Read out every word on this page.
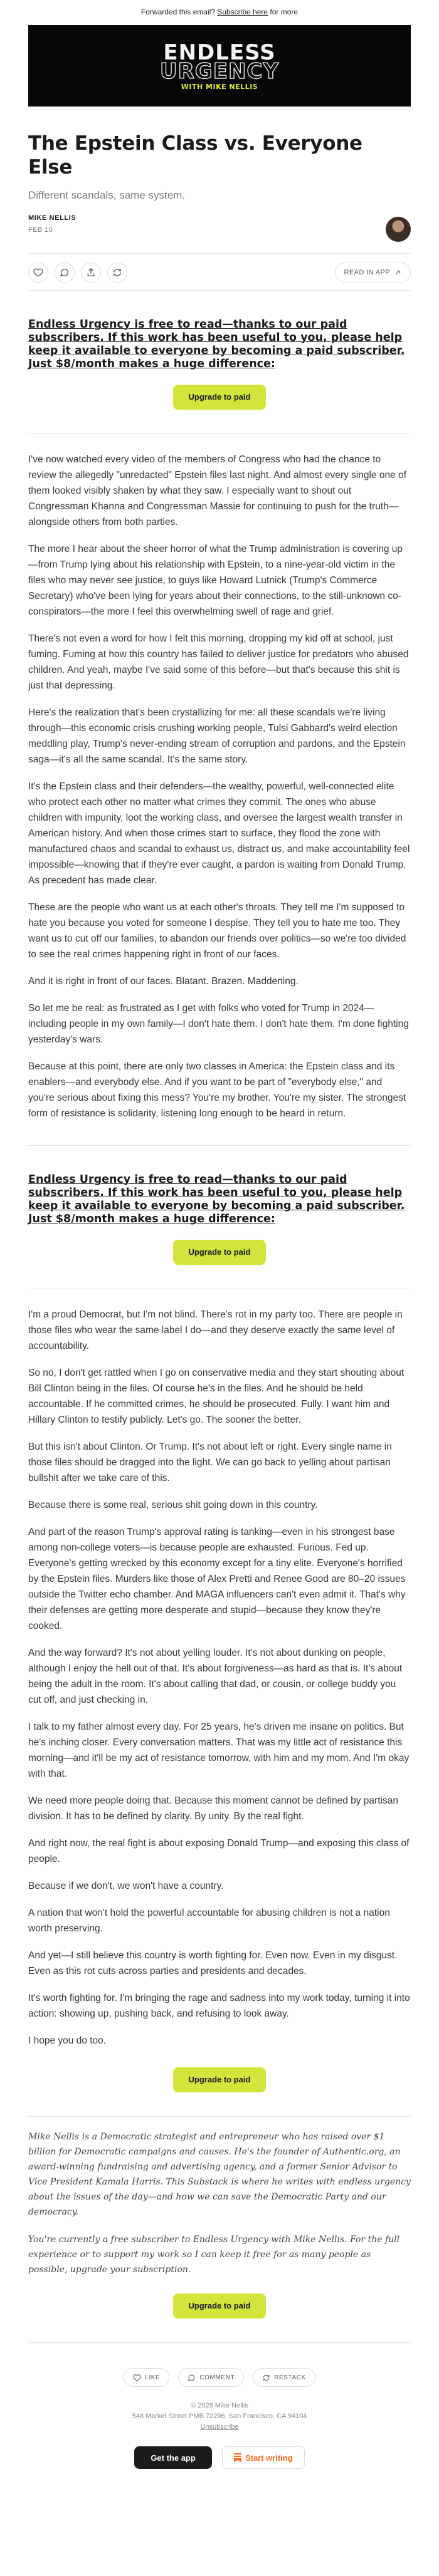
Forwarded this email? Subscribe here for more
ENDLESS
URGENCY
WITH MIKE NELLIS
The Epstein Class vs. Everyone Else
Different scandals, same system.
MIKE NELLIS
FEB 10
READ IN APP
Endless Urgency is free to read—thanks to our paid subscribers. If this work has been useful to you, please help keep it available to everyone by becoming a paid subscriber. Just $8/month makes a huge difference:
Upgrade to paid

I've now watched every video of the members of Congress who had the chance to review the allegedly "unredacted" Epstein files last night. And almost every single one of them looked visibly shaken by what they saw. I especially want to shout out Congressman Khanna and Congressman Massie for continuing to push for the truth—alongside others from both parties.

The more I hear about the sheer horror of what the Trump administration is covering up—from Trump lying about his relationship with Epstein, to a nine-year-old victim in the files who may never see justice, to guys like Howard Lutnick (Trump's Commerce Secretary) who've been lying for years about their connections, to the still-unknown co-conspirators—the more I feel this overwhelming swell of rage and grief.

There's not even a word for how I felt this morning, dropping my kid off at school, just fuming. Fuming at how this country has failed to deliver justice for predators who abused children. And yeah, maybe I've said some of this before—but that's because this shit is just that depressing.

Here's the realization that's been crystallizing for me: all these scandals we're living through—this economic crisis crushing working people, Tulsi Gabbard's weird election meddling play, Trump's never-ending stream of corruption and pardons, and the Epstein saga—it's all the same scandal. It's the same story.

It's the Epstein class and their defenders—the wealthy, powerful, well-connected elite who protect each other no matter what crimes they commit. The ones who abuse children with impunity, loot the working class, and oversee the largest wealth transfer in American history. And when those crimes start to surface, they flood the zone with manufactured chaos and scandal to exhaust us, distract us, and make accountability feel impossible—knowing that if they're ever caught, a pardon is waiting from Donald Trump. As precedent has made clear.

These are the people who want us at each other's throats. They tell me I'm supposed to hate you because you voted for someone I despise. They tell you to hate me too. They want us to cut off our families, to abandon our friends over politics—so we're too divided to see the real crimes happening right in front of our faces.

And it is right in front of our faces. Blatant. Brazen. Maddening.

So let me be real: as frustrated as I get with folks who voted for Trump in 2024—including people in my own family—I don't hate them. I don't hate them. I'm done fighting yesterday's wars.

Because at this point, there are only two classes in America: the Epstein class and its enablers—and everybody else. And if you want to be part of "everybody else," and you're serious about fixing this mess? You're my brother. You're my sister. The strongest form of resistance is solidarity, listening long enough to be heard in return.

Endless Urgency is free to read—thanks to our paid subscribers. If this work has been useful to you, please help keep it available to everyone by becoming a paid subscriber. Just $8/month makes a huge difference:
Upgrade to paid

I'm a proud Democrat, but I'm not blind. There's rot in my party too. There are people in those files who wear the same label I do—and they deserve exactly the same level of accountability.

So no, I don't get rattled when I go on conservative media and they start shouting about Bill Clinton being in the files. Of course he's in the files. And he should be held accountable. If he committed crimes, he should be prosecuted. Fully. I want him and Hillary Clinton to testify publicly. Let's go. The sooner the better.

But this isn't about Clinton. Or Trump. It's not about left or right. Every single name in those files should be dragged into the light. We can go back to yelling about partisan bullshit after we take care of this.

Because there is some real, serious shit going down in this country.

And part of the reason Trump's approval rating is tanking—even in his strongest base among non-college voters—is because people are exhausted. Furious. Fed up. Everyone's getting wrecked by this economy except for a tiny elite. Everyone's horrified by the Epstein files. Murders like those of Alex Pretti and Renee Good are 80–20 issues outside the Twitter echo chamber. And MAGA influencers can't even admit it. That's why their defenses are getting more desperate and stupid—because they know they're cooked.

And the way forward? It's not about yelling louder. It's not about dunking on people, although I enjoy the hell out of that. It's about forgiveness—as hard as that is. It's about being the adult in the room. It's about calling that dad, or cousin, or college buddy you cut off, and just checking in.

I talk to my father almost every day. For 25 years, he's driven me insane on politics. But he's inching closer. Every conversation matters. That was my little act of resistance this morning—and it'll be my act of resistance tomorrow, with him and my mom. And I'm okay with that.

We need more people doing that. Because this moment cannot be defined by partisan division. It has to be defined by clarity. By unity. By the real fight.

And right now, the real fight is about exposing Donald Trump—and exposing this class of people.

Because if we don't, we won't have a country.

A nation that won't hold the powerful accountable for abusing children is not a nation worth preserving.

And yet—I still believe this country is worth fighting for. Even now. Even in my disgust. Even as this rot cuts across parties and presidents and decades.

It's worth fighting for. I'm bringing the rage and sadness into my work today, turning it into action: showing up, pushing back, and refusing to look away.

I hope you do too.

Upgrade to paid
Mike Nellis is a Democratic strategist and entrepreneur who has raised over $1 billion for Democratic campaigns and causes. He's the founder of Authentic.org, an award-winning fundraising and advertising agency, and a former Senior Advisor to Vice President Kamala Harris. This Substack is where he writes with endless urgency about the issues of the day—and how we can save the Democratic Party and our democracy.
You're currently a free subscriber to Endless Urgency with Mike Nellis. For the full experience or to support my work so I can keep it free for as many people as possible, upgrade your subscription.
Upgrade to paid
LIKE	COMMENT	RESTACK
© 2026 Mike Nellis
548 Market Street PMB 72296, San Francisco, CA 94104
Unsubscribe
Get the app	Start writing
